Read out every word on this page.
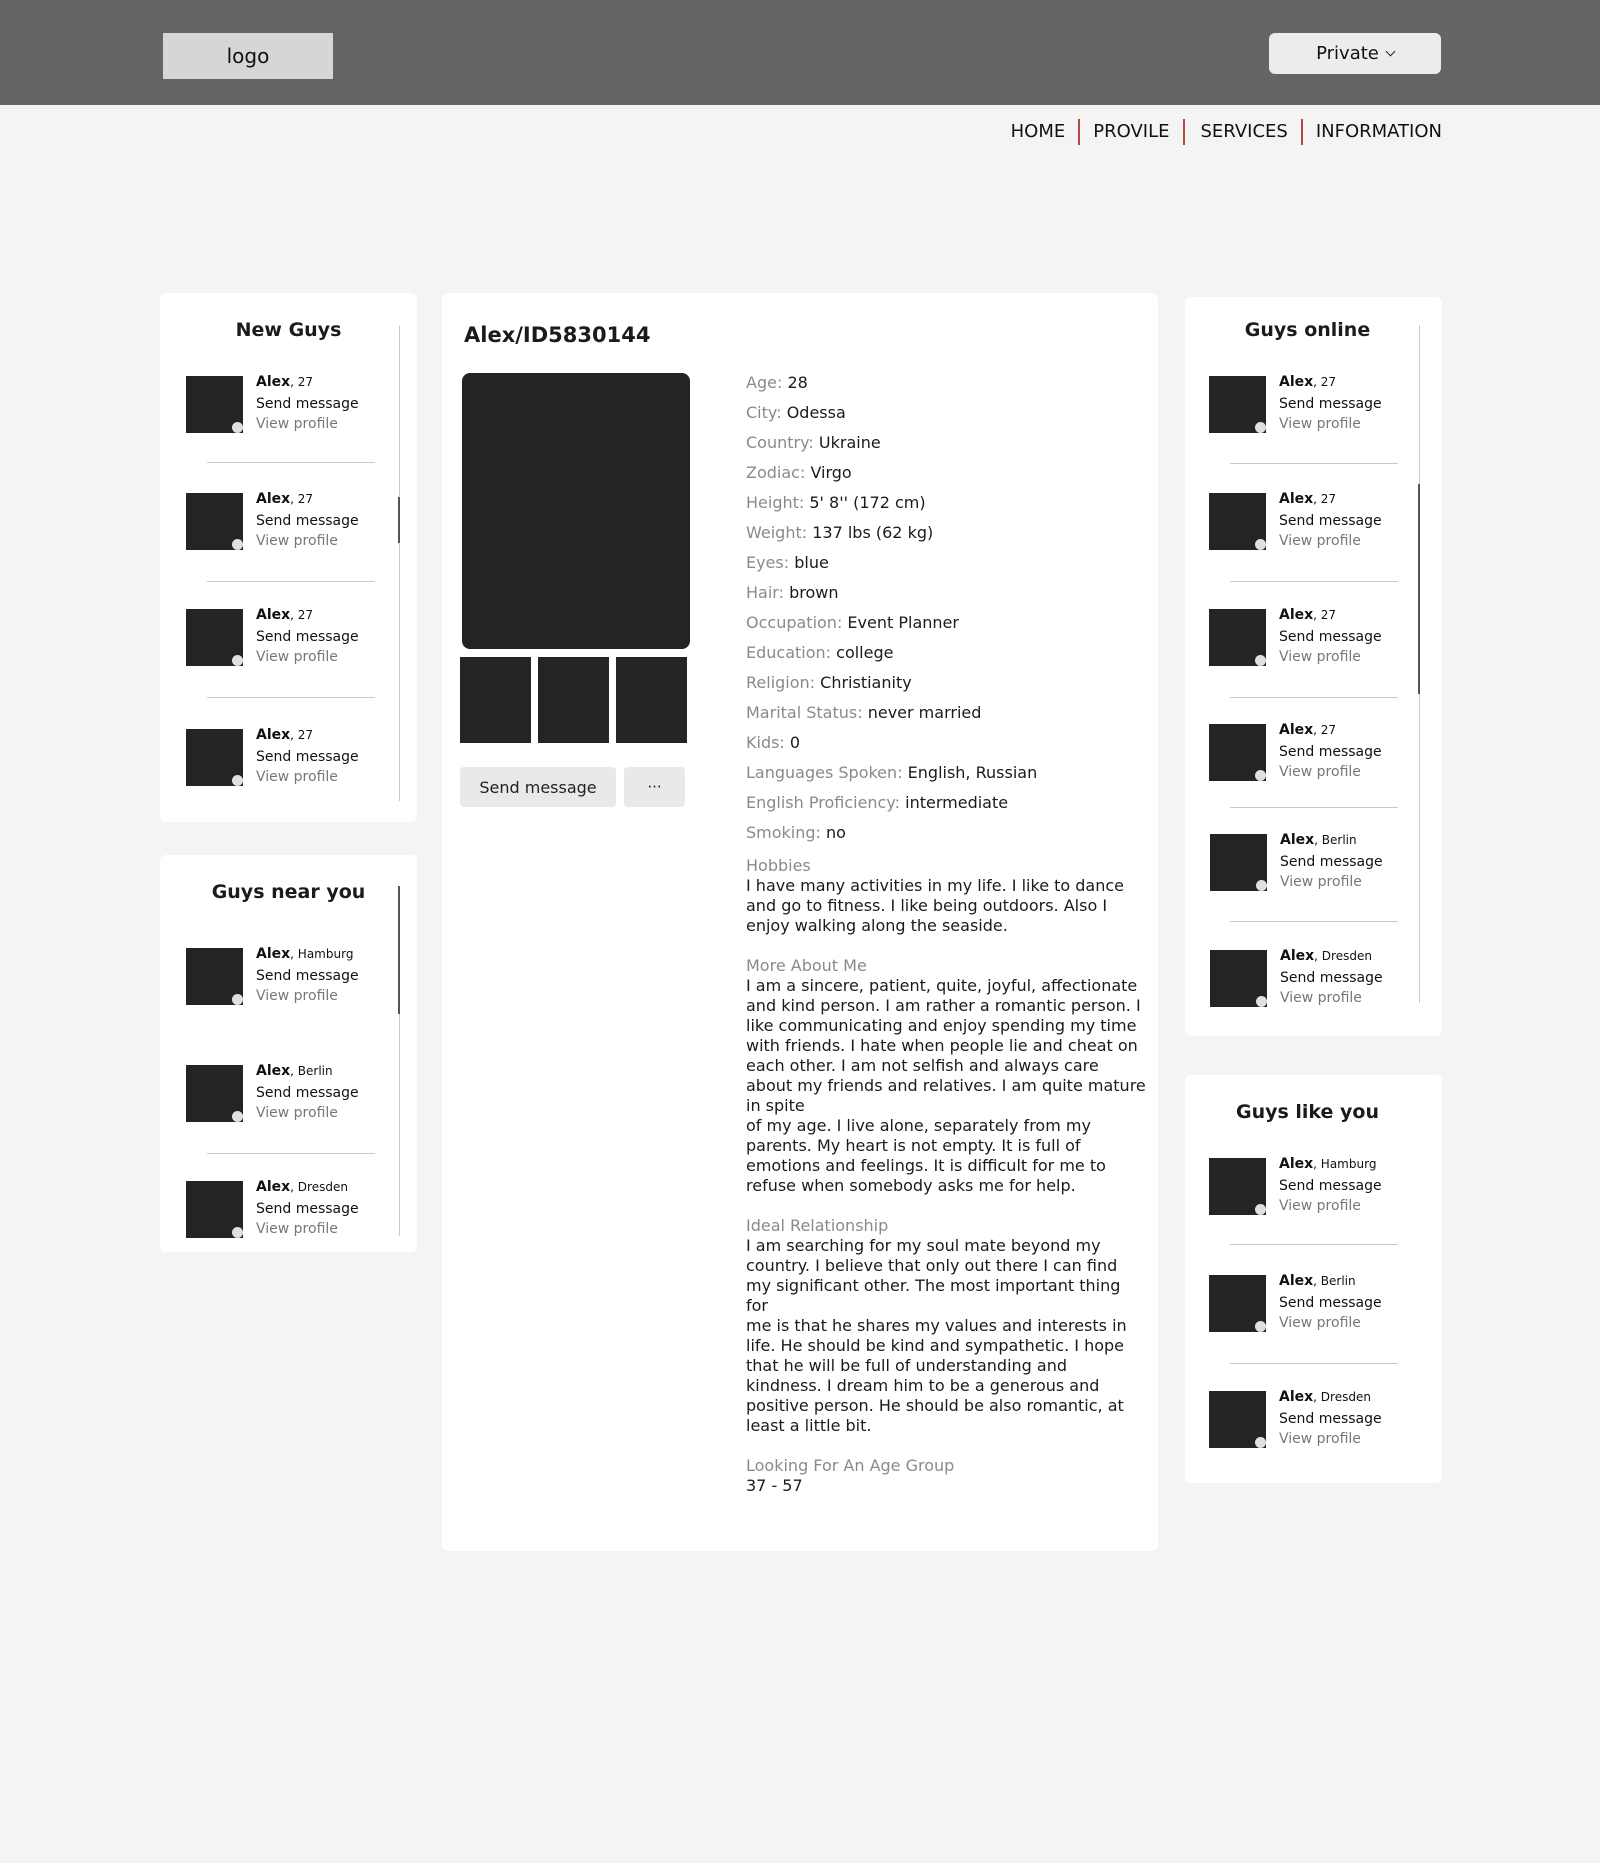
logo	Private
HOME	PROVILE	SERVICES	INFORMATION
New Guys
Alex, 27
Send message
View profile
Alex, 27
Send message
View profile
Alex, 27
Send message
View profile
Alex, 27
Send message
View profile
Guys near you
Alex, Hamburg
Send message
View profile
Alex, Berlin
Send message
View profile
Alex, Dresden
Send message
View profile
Alex/ID5830144
Send message	···
Age: 28
City: Odessa
Country: Ukraine
Zodiac: Virgo
Height: 5' 8'' (172 cm)
Weight: 137 lbs (62 kg)
Eyes: blue
Hair: brown
Occupation: Event Planner
Education: college
Religion: Christianity
Marital Status: never married
Kids: 0
Languages Spoken: English, Russian
English Proficiency: intermediate
Smoking: no
Hobbies
I have many activities in my life. I like to dance
and go to fitness. I like being outdoors. Also I
enjoy walking along the seaside.
More About Me
I am a sincere, patient, quite, joyful, affectionate
and kind person. I am rather a romantic person. I
like communicating and enjoy spending my time
with friends. I hate when people lie and cheat on
each other. I am not selfish and always care
about my friends and relatives. I am quite mature
in spite
of my age. I live alone, separately from my
parents. My heart is not empty. It is full of
emotions and feelings. It is difficult for me to
refuse when somebody asks me for help.
Ideal Relationship
I am searching for my soul mate beyond my
country. I believe that only out there I can find
my significant other. The most important thing for
me is that he shares my values and interests in
life. He should be kind and sympathetic. I hope
that he will be full of understanding and
kindness. I dream him to be a generous and
positive person. He should be also romantic, at
least a little bit.
Looking For An Age Group
37 - 57
Guys online
Alex, 27
Send message
View profile
Alex, 27
Send message
View profile
Alex, 27
Send message
View profile
Alex, 27
Send message
View profile
Alex, Berlin
Send message
View profile
Alex, Dresden
Send message
View profile
Guys like you
Alex, Hamburg
Send message
View profile
Alex, Berlin
Send message
View profile
Alex, Dresden
Send message
View profile
